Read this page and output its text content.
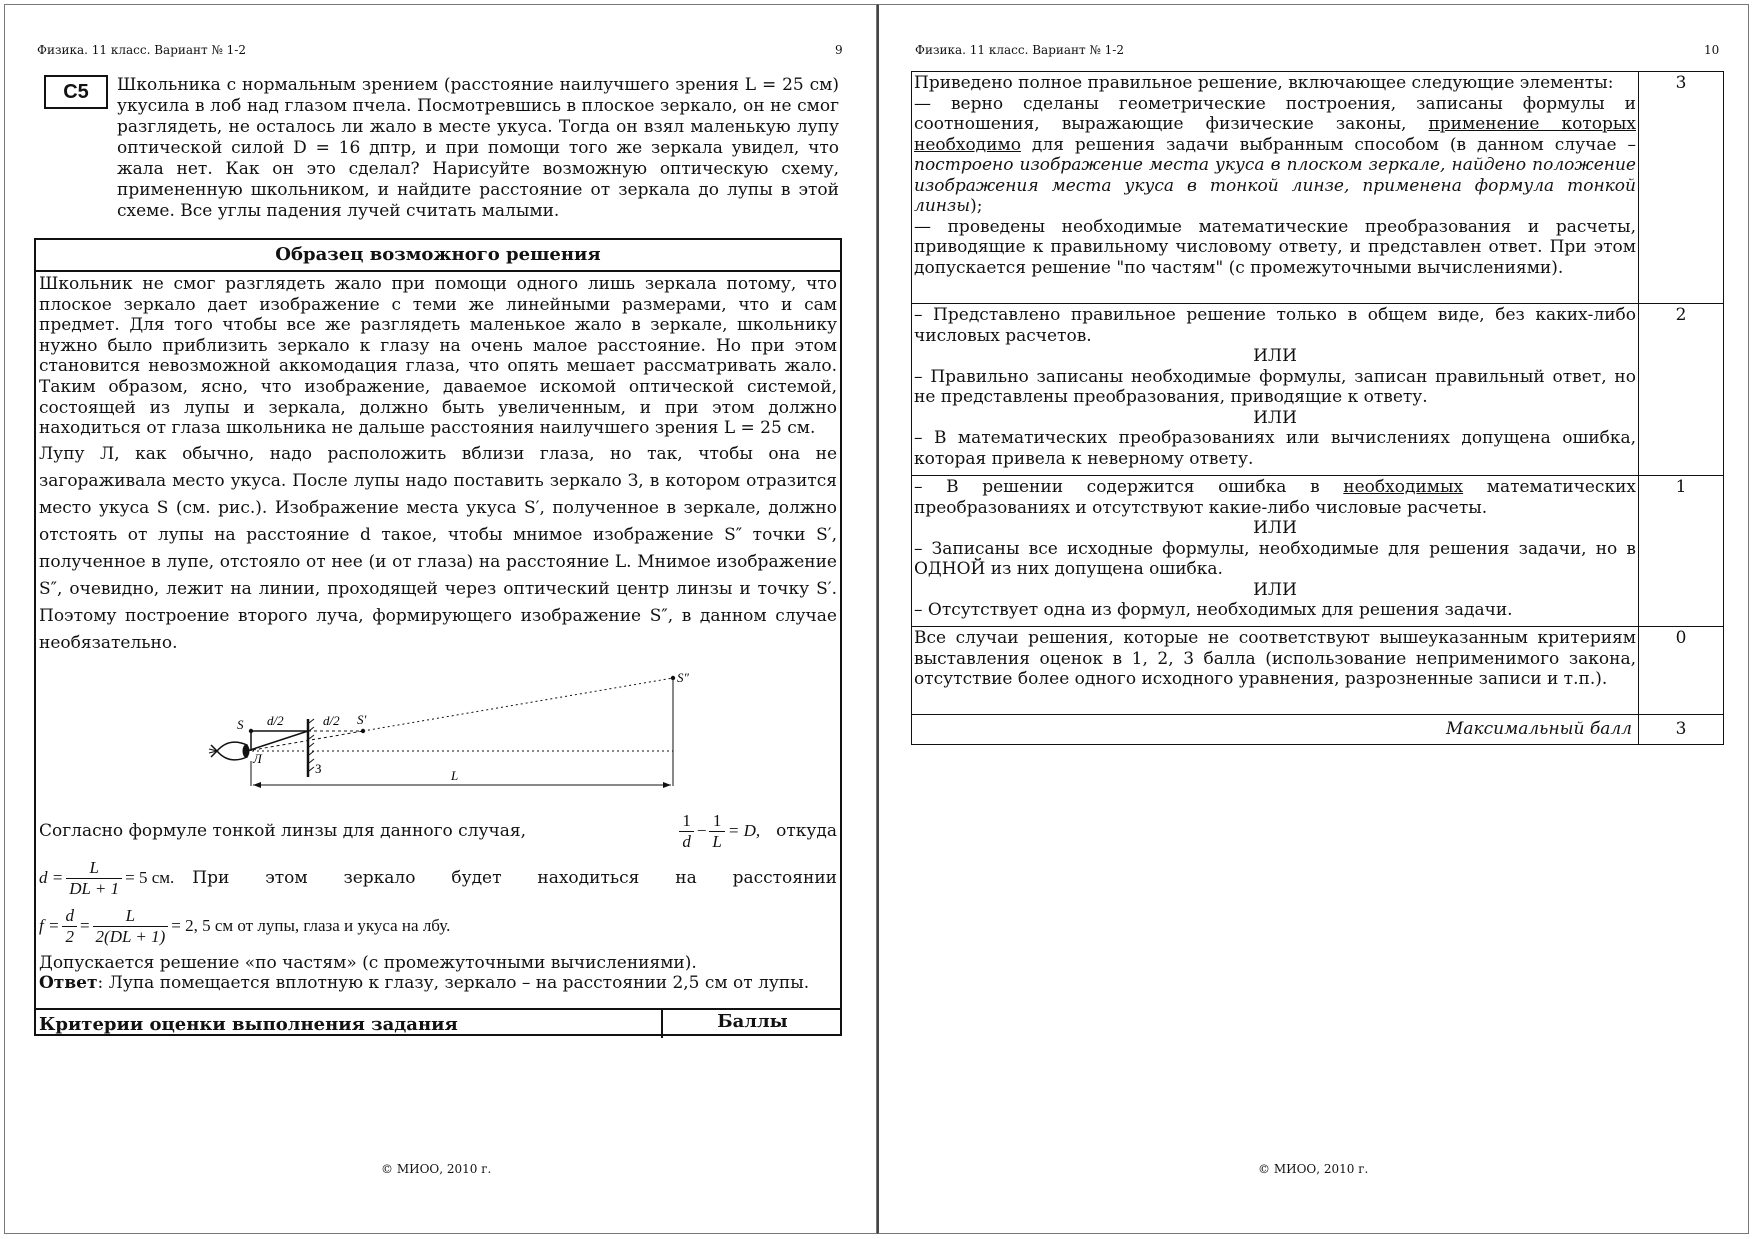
Физика. 11 класс. Вариант № 1-2	9
С5	Школьника с нормальным зрением (расстояние наилучшего зрения L = 25 см) укусила в лоб над глазом пчела. Посмотревшись в плоское зеркало, он не смог разглядеть, не осталось ли жало в месте укуса. Тогда он взял маленькую лупу оптической силой D = 16 дптр, и при помощи того же зеркала увидел, что жала нет. Как он это сделал? Нарисуйте возможную оптическую схему, примененную школьником, и найдите расстояние от зеркала до лупы в этой схеме. Все углы падения лучей считать малыми.

Образец возможного решения

Школьник не смог разглядеть жало при помощи одного лишь зеркала потому, что плоское зеркало дает изображение с теми же линейными размерами, что и сам предмет. Для того чтобы все же разглядеть маленькое жало в зеркале, школьнику нужно было приблизить зеркало к глазу на очень малое расстояние. Но при этом становится невозможной аккомодация глаза, что опять мешает рассматривать жало. Таким образом, ясно, что изображение, даваемое искомой оптической системой, состоящей из лупы и зеркала, должно быть увеличенным, и при этом должно находиться от глаза школьника не дальше расстояния наилучшего зрения L = 25 см.

Лупу Л, как обычно, надо расположить вблизи глаза, но так, чтобы она не загораживала место укуса. После лупы надо поставить зеркало З, в котором отразится место укуса S (см. рис.). Изображение места укуса S′, полученное в зеркале, должно отстоять от лупы на расстояние d такое, чтобы мнимое изображение S″ точки S′, полученное в лупе, отстояло от нее (и от глаза) на расстояние L. Мнимое изображение S″, очевидно, лежит на линии, проходящей через оптический центр линзы и точку S′. Поэтому построение второго луча, формирующего изображение S″, в данном случае необязательно.

S d/2	d/2 S′
S″
Л
З	L
Согласно формуле тонкой линзы для данного случая,	$\frac{1}{d} - \frac{1}{L} = D$, откуда
$d = \frac{L}{DL + 1} = 5$ см. При этом зеркало будет находиться на расстоянии
$f = \frac{d}{2} = \frac{L}{2(DL + 1)} = 2$, 5 см от лупы, глаза и укуса на лбу.

Допускается решение «по частям» (с промежуточными вычислениями).

Ответ: Лупа помещается вплотную к глазу, зеркало – на расстоянии 2,5 см от лупы.

Критерии оценки выполнения задания	Баллы
© МИОО, 2010 г.
Физика. 11 класс. Вариант № 1-2	10

Приведено полное правильное решение, включающее следующие элементы:

— верно сделаны геометрические построения, записаны формулы и соотношения, выражающие физические законы, применение которых необходимо для решения задачи выбранным способом (в данном случае – построено изображение места укуса в плоском зеркале, найдено положение изображения места укуса в тонкой линзе, применена формула тонкой линзы);

— проведены необходимые математические преобразования и расчеты, приводящие к правильному числовому ответу, и представлен ответ. При этом допускается решение "по частям" (с промежуточными вычислениями).

3

– Представлено правильное решение только в общем виде, без каких-либо числовых расчетов.

ИЛИ

– Правильно записаны необходимые формулы, записан правильный ответ, но не представлены преобразования, приводящие к ответу.

ИЛИ

– В математических преобразованиях или вычислениях допущена ошибка, которая привела к неверному ответу.

2

– В решении содержится ошибка в необходимых математических преобразованиях и отсутствуют какие-либо числовые расчеты.

ИЛИ

– Записаны все исходные формулы, необходимые для решения задачи, но в ОДНОЙ из них допущена ошибка.

ИЛИ

– Отсутствует одна из формул, необходимых для решения задачи.

1

Все случаи решения, которые не соответствуют вышеуказанным критериям выставления оценок в 1, 2, 3 балла (использование неприменимого закона, отсутствие более одного исходного уравнения, разрозненные записи и т.п.).

0
Максимальный балл	3
© МИОО, 2010 г.
